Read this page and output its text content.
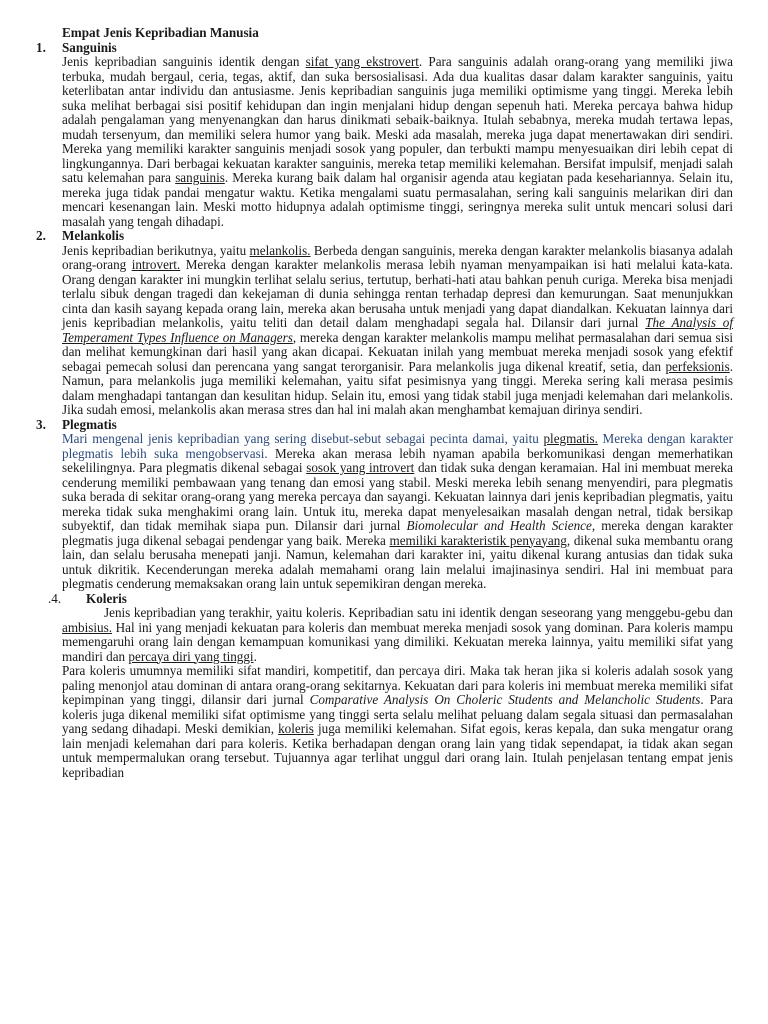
Empat Jenis Kepribadian Manusia
1.	Sanguinis

Jenis kepribadian sanguinis identik dengan sifat yang ekstrovert. Para sanguinis adalah orang-orang yang memiliki jiwa terbuka, mudah bergaul, ceria, tegas, aktif, dan suka bersosialisasi. Ada dua kualitas dasar dalam karakter sanguinis, yaitu keterlibatan antar individu dan antusiasme. Jenis kepribadian sanguinis juga memiliki optimisme yang tinggi. Mereka lebih suka melihat berbagai sisi positif kehidupan dan ingin menjalani hidup dengan sepenuh hati. Mereka percaya bahwa hidup adalah pengalaman yang menyenangkan dan harus dinikmati sebaik-baiknya. Itulah sebabnya, mereka mudah tertawa lepas, mudah tersenyum, dan memiliki selera humor yang baik. Meski ada masalah, mereka juga dapat menertawakan diri sendiri. Mereka yang memiliki karakter sanguinis menjadi sosok yang populer, dan terbukti mampu menyesuaikan diri lebih cepat di lingkungannya. Dari berbagai kekuatan karakter sanguinis, mereka tetap memiliki kelemahan. Bersifat impulsif, menjadi salah satu kelemahan para sanguinis. Mereka kurang baik dalam hal organisir agenda atau kegiatan pada kesehariannya. Selain itu, mereka juga tidak pandai mengatur waktu. Ketika mengalami suatu permasalahan, sering kali sanguinis melarikan diri dan mencari kesenangan lain. Meski motto hidupnya adalah optimisme tinggi, seringnya mereka sulit untuk mencari solusi dari masalah yang tengah dihadapi.

2.	Melankolis

Jenis kepribadian berikutnya, yaitu melankolis. Berbeda dengan sanguinis, mereka dengan karakter melankolis biasanya adalah orang-orang introvert. Mereka dengan karakter melankolis merasa lebih nyaman menyampaikan isi hati melalui kata-kata. Orang dengan karakter ini mungkin terlihat selalu serius, tertutup, berhati-hati atau bahkan penuh curiga. Mereka bisa menjadi terlalu sibuk dengan tragedi dan kekejaman di dunia sehingga rentan terhadap depresi dan kemurungan. Saat menunjukkan cinta dan kasih sayang kepada orang lain, mereka akan berusaha untuk menjadi yang dapat diandalkan. Kekuatan lainnya dari jenis kepribadian melankolis, yaitu teliti dan detail dalam menghadapi segala hal. Dilansir dari jurnal The Analysis of Temperament Types Influence on Managers, mereka dengan karakter melankolis mampu melihat permasalahan dari semua sisi dan melihat kemungkinan dari hasil yang akan dicapai. Kekuatan inilah yang membuat mereka menjadi sosok yang efektif sebagai pemecah solusi dan perencana yang sangat terorganisir. Para melankolis juga dikenal kreatif, setia, dan perfeksionis. Namun, para melankolis juga memiliki kelemahan, yaitu sifat pesimisnya yang tinggi. Mereka sering kali merasa pesimis dalam menghadapi tantangan dan kesulitan hidup. Selain itu, emosi yang tidak stabil juga menjadi kelemahan dari melankolis. Jika sudah emosi, melankolis akan merasa stres dan hal ini malah akan menghambat kemajuan dirinya sendiri.

3.	Plegmatis

Mari mengenal jenis kepribadian yang sering disebut-sebut sebagai pecinta damai, yaitu plegmatis. Mereka dengan karakter plegmatis lebih suka mengobservasi. Mereka akan merasa lebih nyaman apabila berkomunikasi dengan memerhatikan sekelilingnya. Para plegmatis dikenal sebagai sosok yang introvert dan tidak suka dengan keramaian. Hal ini membuat mereka cenderung memiliki pembawaan yang tenang dan emosi yang stabil. Meski mereka lebih senang menyendiri, para plegmatis suka berada di sekitar orang-orang yang mereka percaya dan sayangi. Kekuatan lainnya dari jenis kepribadian plegmatis, yaitu mereka tidak suka menghakimi orang lain. Untuk itu, mereka dapat menyelesaikan masalah dengan netral, tidak bersikap subyektif, dan tidak memihak siapa pun. Dilansir dari jurnal Biomolecular and Health Science, mereka dengan karakter plegmatis juga dikenal sebagai pendengar yang baik. Mereka memiliki karakteristik penyayang, dikenal suka membantu orang lain, dan selalu berusaha menepati janji. Namun, kelemahan dari karakter ini, yaitu dikenal kurang antusias dan tidak suka untuk dikritik. Kecenderungan mereka adalah memahami orang lain melalui imajinasinya sendiri. Hal ini membuat para plegmatis cenderung memaksakan orang lain untuk sepemikiran dengan mereka.

.4.	Koleris

Jenis kepribadian yang terakhir, yaitu koleris. Kepribadian satu ini identik dengan seseorang yang menggebu-gebu dan ambisius. Hal ini yang menjadi kekuatan para koleris dan membuat mereka menjadi sosok yang dominan. Para koleris mampu memengaruhi orang lain dengan kemampuan komunikasi yang dimiliki. Kekuatan mereka lainnya, yaitu memiliki sifat yang mandiri dan percaya diri yang tinggi.

Para koleris umumnya memiliki sifat mandiri, kompetitif, dan percaya diri. Maka tak heran jika si koleris adalah sosok yang paling menonjol atau dominan di antara orang-orang sekitarnya. Kekuatan dari para koleris ini membuat mereka memiliki sifat kepimpinan yang tinggi, dilansir dari jurnal Comparative Analysis On Choleric Students and Melancholic Students. Para koleris juga dikenal memiliki sifat optimisme yang tinggi serta selalu melihat peluang dalam segala situasi dan permasalahan yang sedang dihadapi. Meski demikian, koleris juga memiliki kelemahan. Sifat egois, keras kepala, dan suka mengatur orang lain menjadi kelemahan dari para koleris. Ketika berhadapan dengan orang lain yang tidak sependapat, ia tidak akan segan untuk mempermalukan orang tersebut. Tujuannya agar terlihat unggul dari orang lain. Itulah penjelasan tentang empat jenis kepribadian
